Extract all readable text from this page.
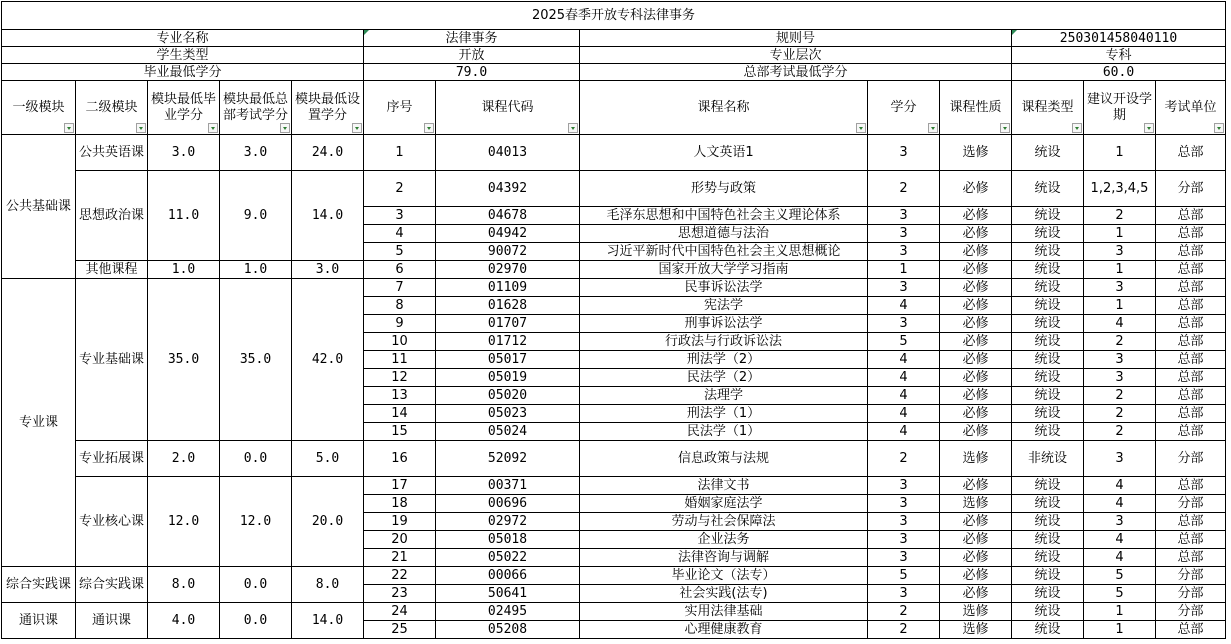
2025春季开放专科法律事务												
专业名称					法律事务		规则号			250301458040110		
学生类型					开放		专业层次			专科		
毕业最低学分					79.0		总部考试最低学分			60.0		

一级模块	二级模块	模块最低毕业学分	模块最低总部考试学分	模块最低设置学分	序号	课程代码	课程名称	学分	课程性质	课程类型	建议开设学期	考试单位

公共基础课	公共英语课	3.0	3.0	24.0	1	04013	人文英语1	3	选修	统设	1	总部
	思想政治课	11.0	9.0	14.0	2	04392	形势与政策	2	必修	统设	1,2,3,4,5	分部
					3	04678	毛泽东思想和中国特色社会主义理论体系	3	必修	统设	2	总部
					4	04942	思想道德与法治	3	必修	统设	1	总部
					5	90072	习近平新时代中国特色社会主义思想概论	3	必修	统设	3	总部
	其他课程	1.0	1.0	3.0	6	02970	国家开放大学学习指南	1	必修	统设	1	总部
专业课	专业基础课	35.0	35.0	42.0	7	01109	民事诉讼法学	3	必修	统设	3	总部
					8	01628	宪法学	4	必修	统设	1	总部
					9	01707	刑事诉讼法学	3	必修	统设	4	总部
					10	01712	行政法与行政诉讼法	5	必修	统设	2	总部
					11	05017	刑法学（2）	4	必修	统设	3	总部
					12	05019	民法学（2）	4	必修	统设	3	总部
					13	05020	法理学	4	必修	统设	2	总部
					14	05023	刑法学（1）	4	必修	统设	2	总部
					15	05024	民法学（1）	4	必修	统设	2	总部
	专业拓展课	2.0	0.0	5.0	16	52092	信息政策与法规	2	选修	非统设	3	分部
	专业核心课	12.0	12.0	20.0	17	00371	法律文书	3	必修	统设	4	总部
					18	00696	婚姻家庭法学	3	选修	统设	4	分部
					19	02972	劳动与社会保障法	3	必修	统设	3	总部
					20	05018	企业法务	3	必修	统设	4	总部
					21	05022	法律咨询与调解	3	必修	统设	4	总部
综合实践课	综合实践课	8.0	0.0	8.0	22	00066	毕业论文（法专）	5	必修	统设	5	分部
					23	50641	社会实践(法专)	3	必修	统设	5	分部
通识课	通识课	4.0	0.0	14.0	24	02495	实用法律基础	2	选修	统设	1	分部
					25	05208	心理健康教育	2	选修	统设	1	总部
